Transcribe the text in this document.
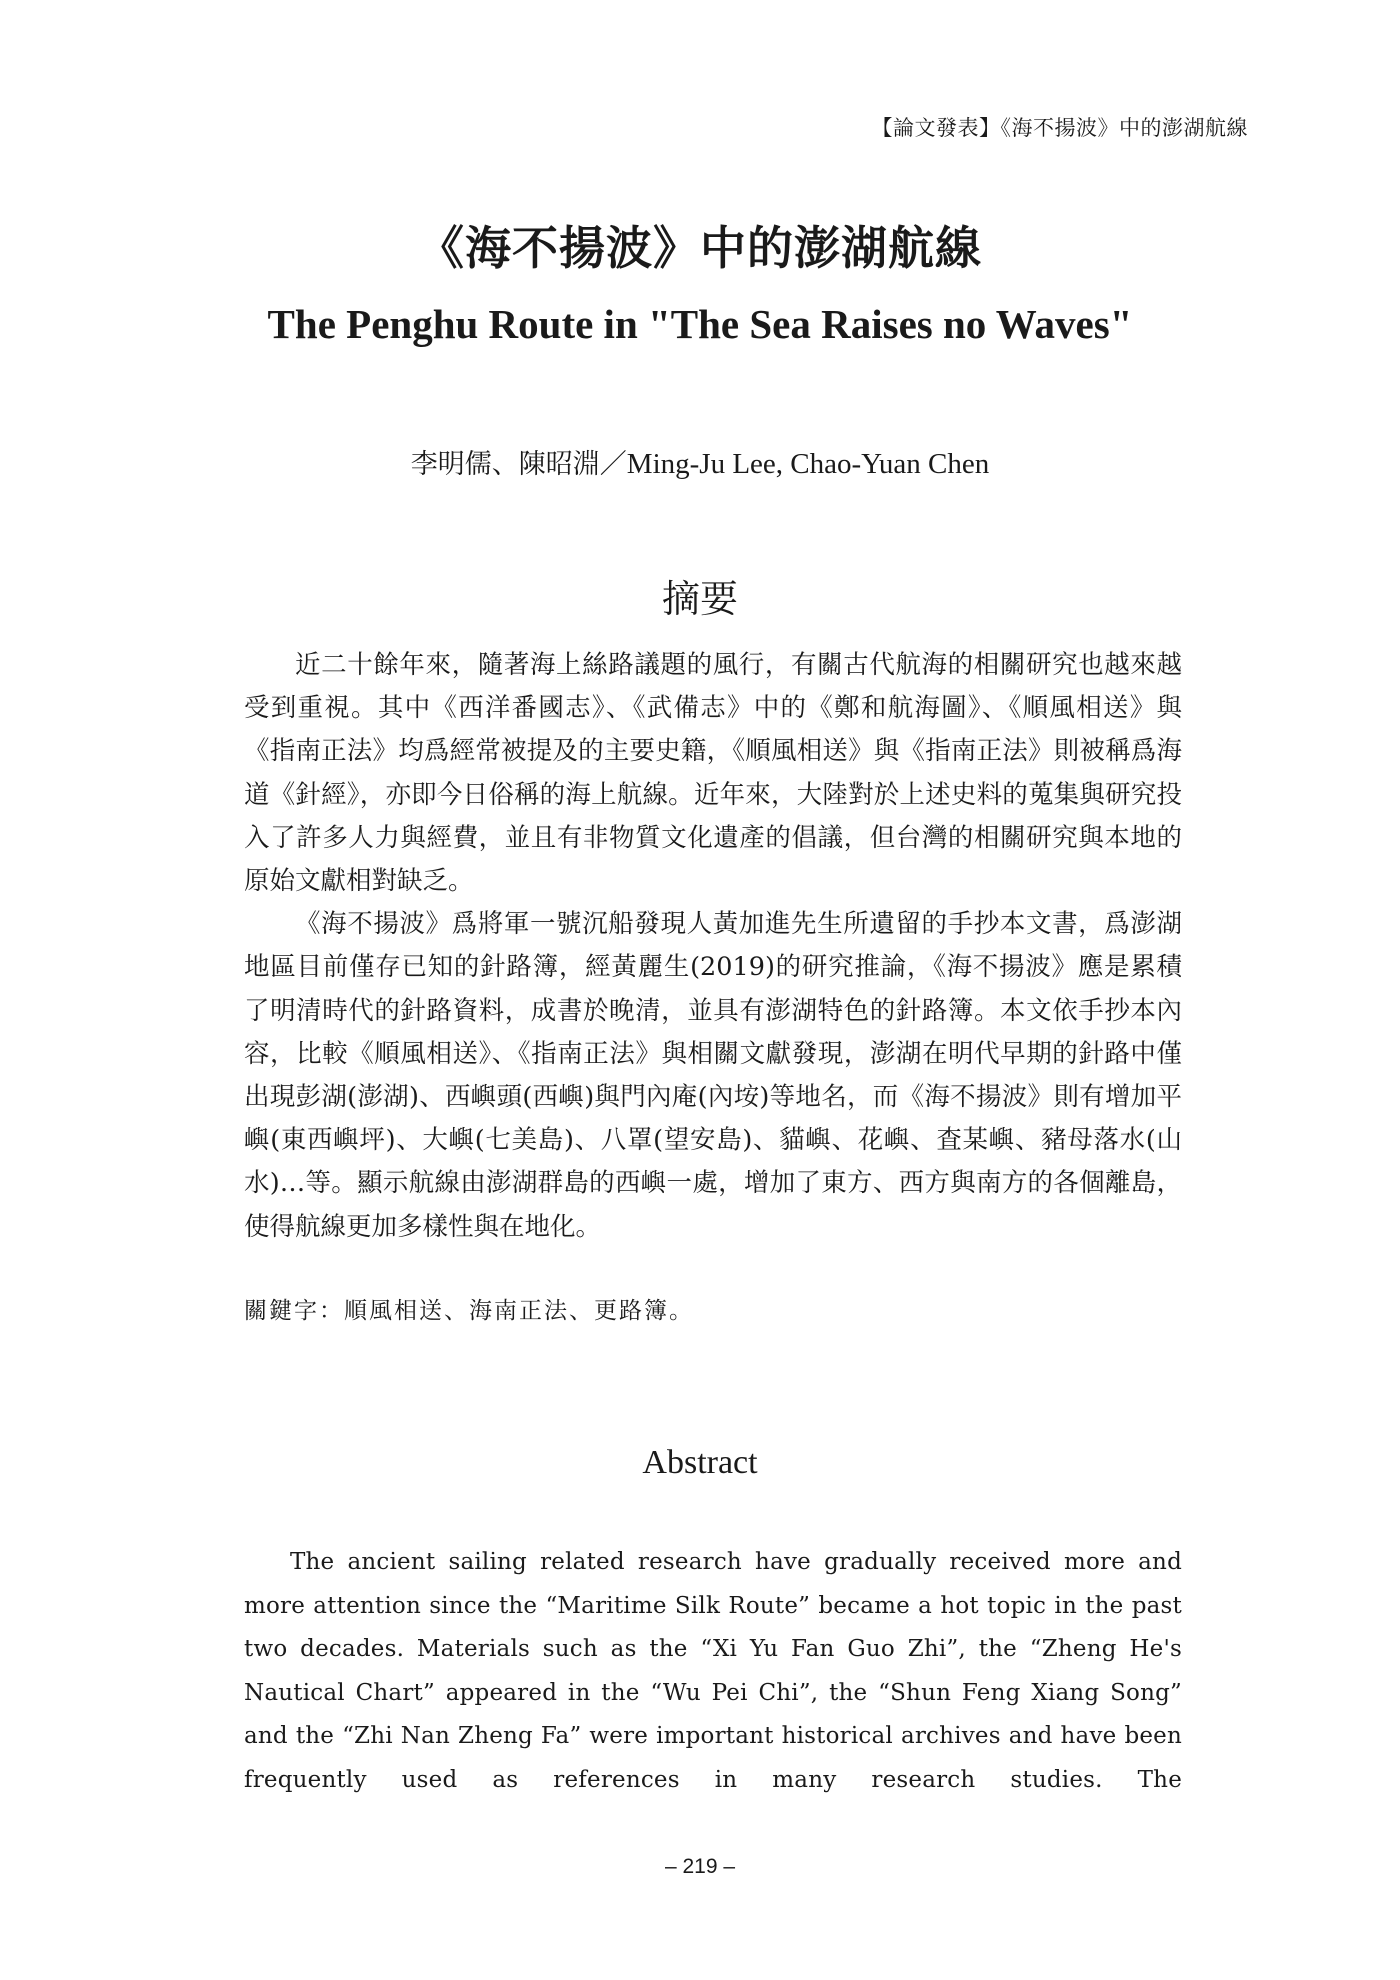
【論文發表】《海不揚波》中的澎湖航線
《海不揚波》中的澎湖航線
The Penghu Route in "The Sea Raises no Waves"
李明儒、陳昭淵／Ming-Ju Lee, Chao-Yuan Chen
摘要

近二十餘年來，隨著海上絲路議題的風行，有關古代航海的相關研究也越來越受到重視。其中《西洋番國志》、《武備志》中的《鄭和航海圖》、《順風相送》與《指南正法》均爲經常被提及的主要史籍，《順風相送》與《指南正法》則被稱爲海道《針經》，亦即今日俗稱的海上航線。近年來，大陸對於上述史料的蒐集與研究投入了許多人力與經費，並且有非物質文化遺產的倡議，但台灣的相關研究與本地的原始文獻相對缺乏。

《海不揚波》爲將軍一號沉船發現人黃加進先生所遺留的手抄本文書，爲澎湖地區目前僅存已知的針路簿，經黃麗生(2019)的研究推論，《海不揚波》應是累積了明清時代的針路資料，成書於晚清，並具有澎湖特色的針路簿。本文依手抄本內容，比較《順風相送》、《指南正法》與相關文獻發現，澎湖在明代早期的針路中僅出現彭湖(澎湖)、西嶼頭(西嶼)與門內庵(內垵)等地名，而《海不揚波》則有增加平嶼(東西嶼坪)、大嶼(七美島)、八罩(望安島)、貓嶼、花嶼、査某嶼、豬母落水(山水)…等。顯示航線由澎湖群島的西嶼一處，增加了東方、西方與南方的各個離島，使得航線更加多樣性與在地化。

關鍵字：順風相送、海南正法、更路簿。
Abstract

The ancient sailing related research have gradually received more and more attention since the “Maritime Silk Route” became a hot topic in the past two decades. Materials such as the “Xi Yu Fan Guo Zhi”, the “Zheng He's Nautical Chart” appeared in the “Wu Pei Chi”, the “Shun Feng Xiang Song” and the “Zhi Nan Zheng Fa” were important historical archives and have been frequently used as references in many research studies. The

– 219 –
